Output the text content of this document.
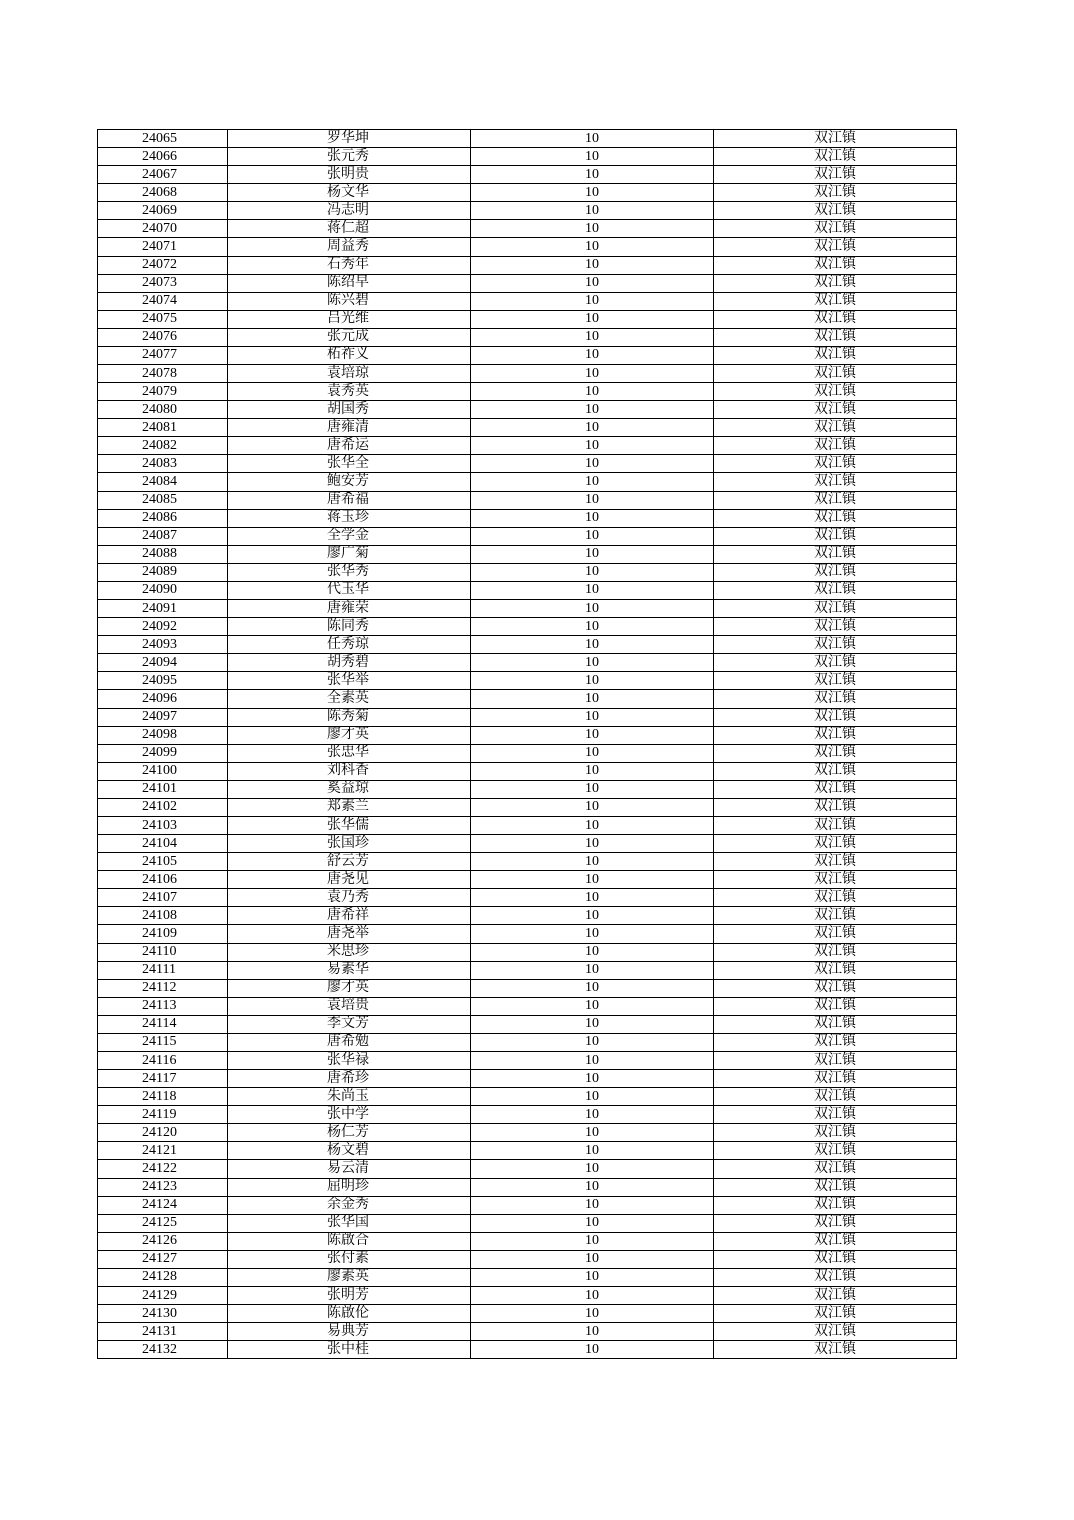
24065	罗华坤	10	双江镇
24066	张元秀	10	双江镇
24067	张明贵	10	双江镇
24068	杨文华	10	双江镇
24069	冯志明	10	双江镇
24070	蒋仁超	10	双江镇
24071	周益秀	10	双江镇
24072	石秀年	10	双江镇
24073	陈绍早	10	双江镇
24074	陈兴碧	10	双江镇
24075	吕光维	10	双江镇
24076	张元成	10	双江镇
24077	柘祚义	10	双江镇
24078	袁培琼	10	双江镇
24079	袁秀英	10	双江镇
24080	胡国秀	10	双江镇
24081	唐雍清	10	双江镇
24082	唐希运	10	双江镇
24083	张华全	10	双江镇
24084	鲍安芳	10	双江镇
24085	唐希福	10	双江镇
24086	蒋玉珍	10	双江镇
24087	全学金	10	双江镇
24088	廖广菊	10	双江镇
24089	张华秀	10	双江镇
24090	代玉华	10	双江镇
24091	唐雍荣	10	双江镇
24092	陈同秀	10	双江镇
24093	任秀琼	10	双江镇
24094	胡秀碧	10	双江镇
24095	张华举	10	双江镇
24096	全素英	10	双江镇
24097	陈秀菊	10	双江镇
24098	廖才英	10	双江镇
24099	张忠华	10	双江镇
24100	刘科香	10	双江镇
24101	奚益琼	10	双江镇
24102	郑素兰	10	双江镇
24103	张华儒	10	双江镇
24104	张国珍	10	双江镇
24105	舒云芳	10	双江镇
24106	唐尧见	10	双江镇
24107	袁乃秀	10	双江镇
24108	唐希祥	10	双江镇
24109	唐尧举	10	双江镇
24110	米思珍	10	双江镇
24111	易素华	10	双江镇
24112	廖才英	10	双江镇
24113	袁培贵	10	双江镇
24114	李文芳	10	双江镇
24115	唐希勉	10	双江镇
24116	张华禄	10	双江镇
24117	唐希珍	10	双江镇
24118	朱尚玉	10	双江镇
24119	张中学	10	双江镇
24120	杨仁芳	10	双江镇
24121	杨文碧	10	双江镇
24122	易云清	10	双江镇
24123	屈明珍	10	双江镇
24124	余金秀	10	双江镇
24125	张华国	10	双江镇
24126	陈啟合	10	双江镇
24127	张付素	10	双江镇
24128	廖素英	10	双江镇
24129	张明芳	10	双江镇
24130	陈啟伦	10	双江镇
24131	易典芳	10	双江镇
24132	张中桂	10	双江镇
